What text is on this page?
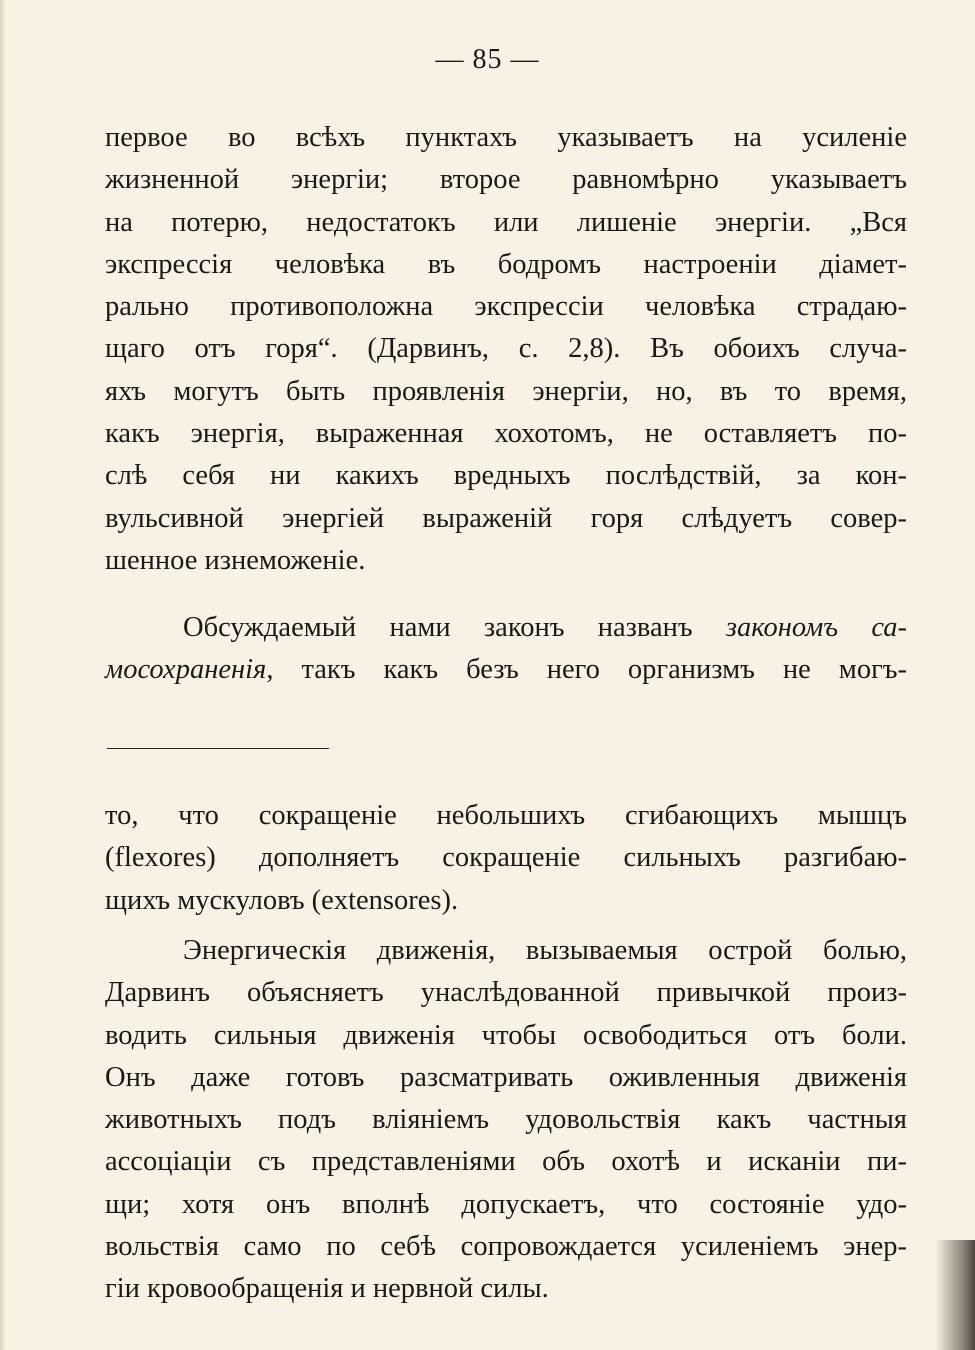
— 85 —
первое во всѣхъ пунктахъ указываетъ на усиленіе
жизненной энергіи; второе равномѣрно указываетъ
на потерю, недостатокъ или лишеніе энергіи. „Вся
экспрессія человѣка въ бодромъ настроеніи діамет-
рально противоположна экспрессіи человѣка страдаю-
щаго отъ горя“. (Дарвинъ, с. 2,8). Въ обоихъ случа-
яхъ могутъ быть проявленія энергіи, но, въ то время,
какъ энергія, выраженная хохотомъ, не оставляетъ по-
слѣ себя ни какихъ вредныхъ послѣдствій, за кон-
вульсивной энергіей выраженій горя слѣдуетъ совер-
шенное изнеможеніе.
Обсуждаемый нами законъ названъ закономъ са-
мосохраненія, такъ какъ безъ него организмъ не могъ-
то, что сокращеніе небольшихъ сгибающихъ мышцъ
(flexores) дополняетъ сокращеніе сильныхъ разгибаю-
щихъ мускуловъ (extensores).
Энергическія движенія, вызываемыя острой болью,
Дарвинъ объясняетъ унаслѣдованной привычкой произ-
водить сильныя движенія чтобы освободиться отъ боли.
Онъ даже готовъ разсматривать оживленныя движенія
животныхъ подъ вліяніемъ удовольствія какъ частныя
ассоціаціи съ представленіями объ охотѣ и исканіи пи-
щи; хотя онъ вполнѣ допускаетъ, что состояніе удо-
вольствія само по себѣ сопровождается усиленіемъ энер-
гіи кровообращенія и нервной силы.
